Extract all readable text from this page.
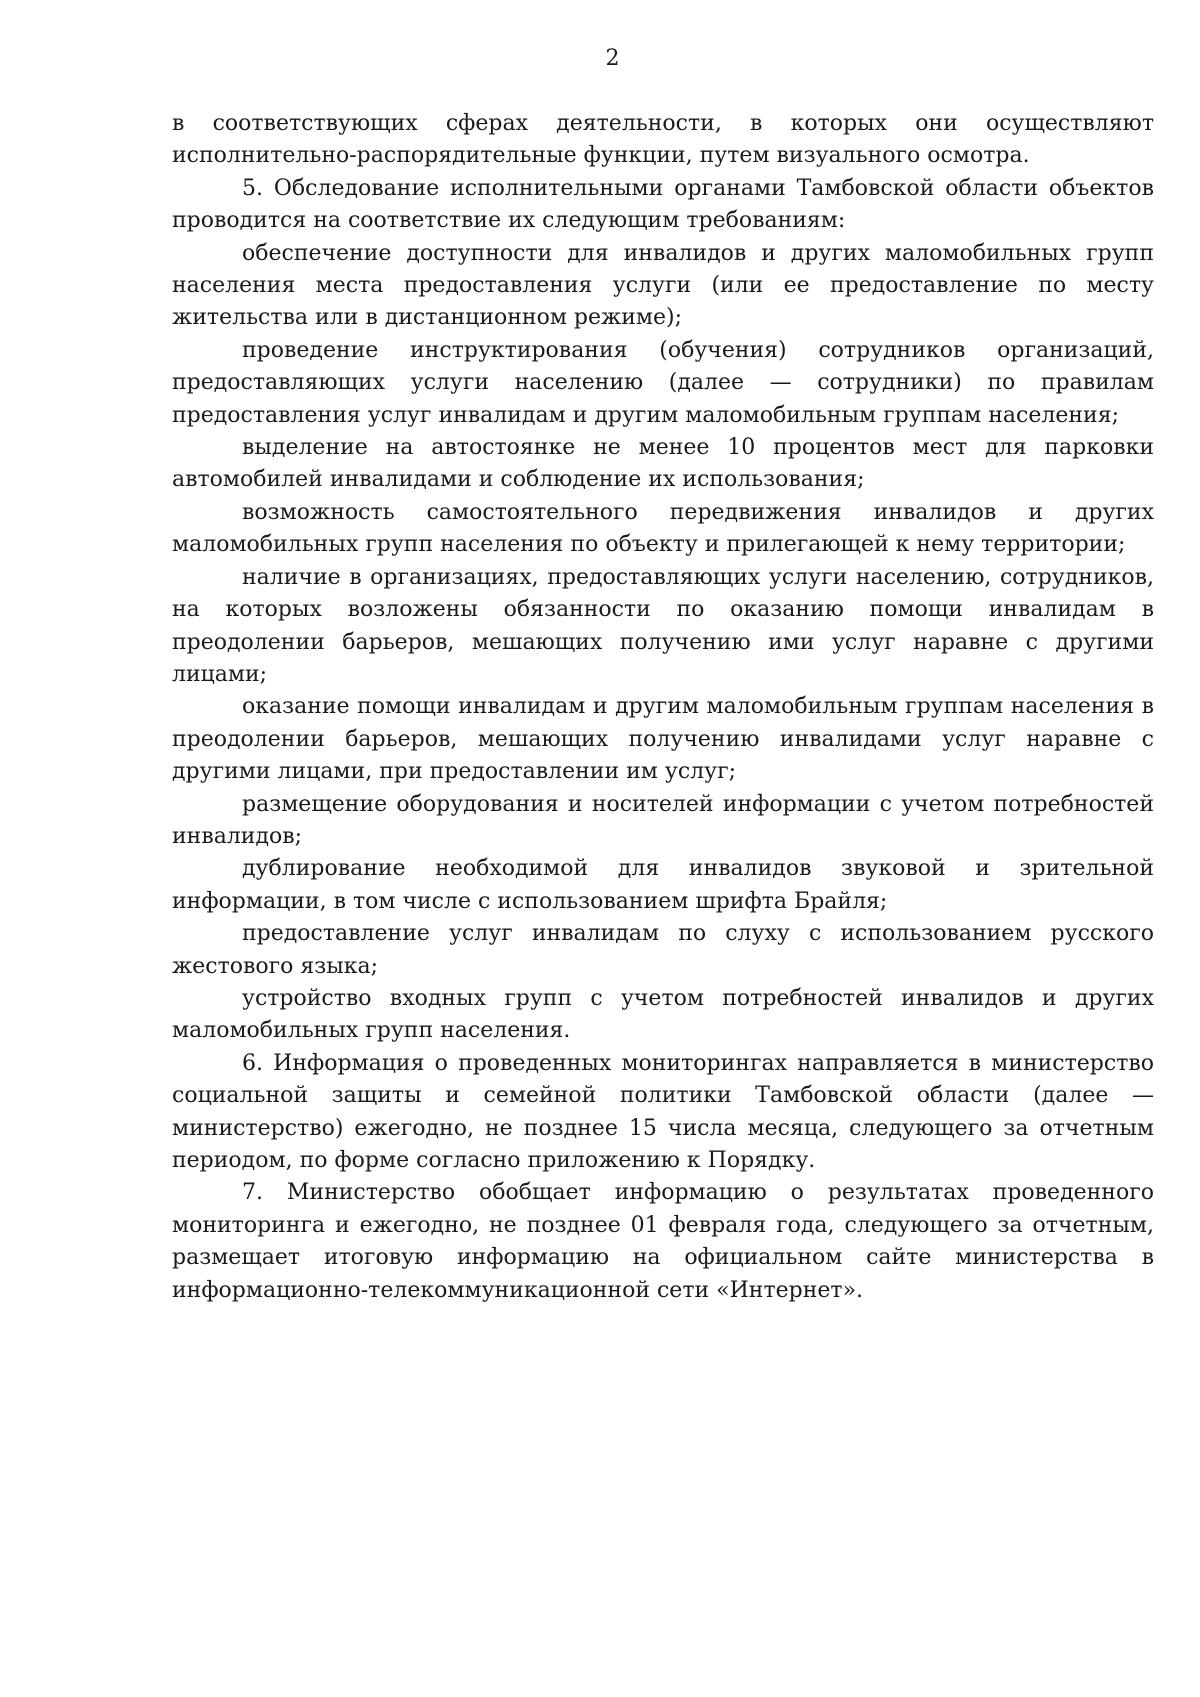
2

в соответствующих сферах деятельности, в которых они осуществляют исполнительно-распорядительные функции, путем визуального осмотра.

5. Обследование исполнительными органами Тамбовской области объектов проводится на соответствие их следующим требованиям:

обеспечение доступности для инвалидов и других маломобильных групп населения места предоставления услуги (или ее предоставление по месту жительства или в дистанционном режиме);

проведение инструктирования (обучения) сотрудников организаций, предоставляющих услуги населению (далее — сотрудники) по правилам предоставления услуг инвалидам и другим маломобильным группам населения;

выделение на автостоянке не менее 10 процентов мест для парковки автомобилей инвалидами и соблюдение их использования;

возможность самостоятельного передвижения инвалидов и других маломобильных групп населения по объекту и прилегающей к нему территории;

наличие в организациях, предоставляющих услуги населению, сотрудников, на которых возложены обязанности по оказанию помощи инвалидам в преодолении барьеров, мешающих получению ими услуг наравне с другими лицами;

оказание помощи инвалидам и другим маломобильным группам населения в преодолении барьеров, мешающих получению инвалидами услуг наравне с другими лицами, при предоставлении им услуг;

размещение оборудования и носителей информации с учетом потребностей инвалидов;

дублирование необходимой для инвалидов звуковой и зрительной информации, в том числе с использованием шрифта Брайля;

предоставление услуг инвалидам по слуху с использованием русского жестового языка;

устройство входных групп с учетом потребностей инвалидов и других маломобильных групп населения.

6. Информация о проведенных мониторингах направляется в министерство социальной защиты и семейной политики Тамбовской области (далее — министерство) ежегодно, не позднее 15 числа месяца, следующего за отчетным периодом, по форме согласно приложению к Порядку.

7. Министерство обобщает информацию о результатах проведенного мониторинга и ежегодно, не позднее 01 февраля года, следующего за отчетным, размещает итоговую информацию на официальном сайте министерства в информационно-телекоммуникационной сети «Интернет».
